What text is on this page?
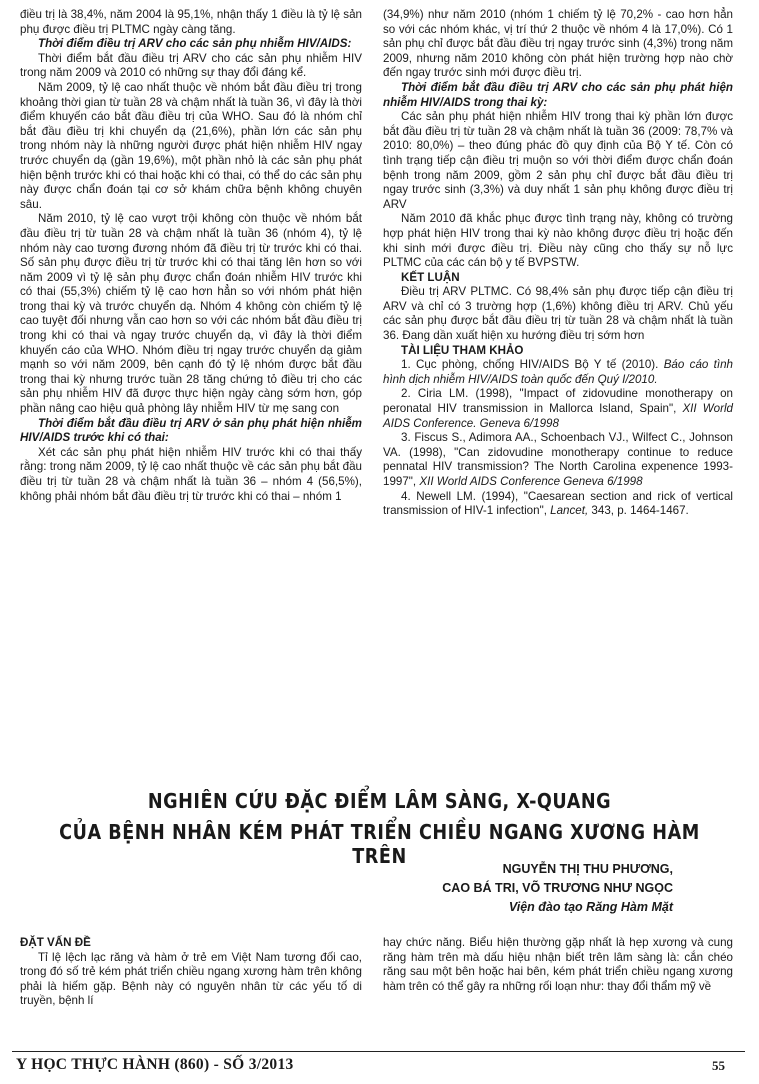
điều trị là 38,4%, năm 2004 là 95,1%, nhận thấy 1 điều là tỷ lệ sản phụ được điều trị PLTMC ngày càng tăng.

Thời điểm điều trị ARV cho các sản phụ nhiễm HIV/AIDS:

Thời điểm bắt đầu điều trị ARV cho các sản phụ nhiễm HIV trong năm 2009 và 2010 có những sự thay đổi đáng kể.

Năm 2009, tỷ lệ cao nhất thuộc về nhóm bắt đầu điều trị trong khoảng thời gian từ tuần 28 và chậm nhất là tuần 36, vì đây là thời điểm khuyến cáo bắt đầu điều trị của WHO. Sau đó là nhóm chỉ bắt đầu điều trị khi chuyển dạ (21,6%), phần lớn các sản phụ trong nhóm này là những người được phát hiện nhiễm HIV ngay trước chuyển dạ (gần 19,6%), một phần nhỏ là các sản phụ phát hiện bệnh trước khi có thai hoặc khi có thai, có thể do các sản phụ này được chẩn đoán tại cơ sở khám chữa bệnh không chuyên sâu.

Năm 2010, tỷ lệ cao vượt trội không còn thuộc về nhóm bắt đầu điều trị từ tuần 28 và chậm nhất là tuần 36 (nhóm 4), tỷ lệ nhóm này cao tương đương nhóm đã điều trị từ trước khi có thai. Số sản phụ được điều trị từ trước khi có thai tăng lên hơn so với năm 2009 vì tỷ lệ sản phụ được chẩn đoán nhiễm HIV trước khi có thai (55,3%) chiếm tỷ lệ cao hơn hẳn so với nhóm phát hiện trong thai kỳ và trước chuyển dạ. Nhóm 4 không còn chiếm tỷ lệ cao tuyệt đối nhưng vẫn cao hơn so với các nhóm bắt đầu điều trị trong khi có thai và ngay trước chuyển dạ, vì đây là thời điểm khuyến cáo của WHO. Nhóm điều trị ngay trước chuyển dạ giảm mạnh so với năm 2009, bên cạnh đó tỷ lệ nhóm được bắt đầu trong thai kỳ nhưng trước tuần 28 tăng chứng tỏ điều trị cho các sản phụ nhiễm HIV đã được thực hiện ngày càng sớm hơn, góp phần nâng cao hiệu quả phòng lây nhiễm HIV từ mẹ sang con

Thời điểm bắt đầu điều trị ARV ở sản phụ phát hiện nhiễm HIV/AIDS trước khi có thai:

Xét các sản phụ phát hiện nhiễm HIV trước khi có thai thấy rằng: trong năm 2009, tỷ lệ cao nhất thuộc về các sản phụ bắt đầu điều trị từ tuần 28 và chậm nhất là tuần 36 – nhóm 4 (56,5%), không phải nhóm bắt đầu điều trị từ trước khi có thai – nhóm 1

(34,9%) như năm 2010 (nhóm 1 chiếm tỷ lệ 70,2% - cao hơn hẳn so với các nhóm khác, vị trí thứ 2 thuộc về nhóm 4 là 17,0%). Có 1 sản phụ chỉ được bắt đầu điều trị ngay trước sinh (4,3%) trong năm 2009, nhưng năm 2010 không còn phát hiện trường hợp nào chờ đến ngay trước sinh mới được điều trị.

Thời điểm bắt đầu điều trị ARV cho các sản phụ phát hiện nhiễm HIV/AIDS trong thai kỳ:

Các sản phụ phát hiện nhiễm HIV trong thai kỳ phần lớn được bắt đầu điều trị từ tuần 28 và chậm nhất là tuần 36 (2009: 78,7% và 2010: 80,0%) – theo đúng phác đồ quy định của Bộ Y tế. Còn có tình trạng tiếp cận điều trị muộn so với thời điểm được chẩn đoán bệnh trong năm 2009, gồm 2 sản phụ chỉ được bắt đầu điều trị ngay trước sinh (3,3%) và duy nhất 1 sản phụ không được điều trị ARV

Năm 2010 đã khắc phục được tình trạng này, không có trường hợp phát hiện HIV trong thai kỳ nào không được điều trị hoặc đến khi sinh mới được điều trị. Điều này cũng cho thấy sự nỗ lực PLTMC của các cán bộ y tế BVPSTW.

KẾT LUẬN

Điều trị ARV PLTMC. Có 98,4% sản phụ được tiếp cận điều trị ARV và chỉ có 3 trường hợp (1,6%) không điều trị ARV. Chủ yếu các sản phụ được bắt đầu điều trị từ tuần 28 và chậm nhất là tuần 36. Đang dần xuất hiện xu hướng điều trị sớm hơn

TÀI LIỆU THAM KHẢO

1. Cục phòng, chống HIV/AIDS Bộ Y tế (2010). Báo cáo tình hình dịch nhiễm HIV/AIDS toàn quốc đến Quý I/2010.

2. Ciria LM. (1998), "Impact of zidovudine monotherapy on peronatal HIV transmission in Mallorca Island, Spain", XII World AIDS Conference. Geneva 6/1998

3. Fiscus S., Adimora AA., Schoenbach VJ., Wilfect C., Johnson VA. (1998), "Can zidovudine monotherapy continue to reduce pennatal HIV transmission? The North Carolina expenence 1993-1997", XII World AIDS Conference Geneva 6/1998

4. Newell LM. (1994), "Caesarean section and rick of vertical transmission of HIV-1 infeсtion", Lancet, 343, p. 1464-1467.

NGHIÊN CỨU ĐẶC ĐIỂM LÂM SÀNG, X-QUANG
CỦA BỆNH NHÂN KÉM PHÁT TRIỂN CHIỀU NGANG XƯƠNG HÀM TRÊN
NGUYỄN THỊ THU PHƯƠNG,
CAO BÁ TRI, VÕ TRƯƠNG NHƯ NGỌC
Viện đào tạo Răng Hàm Mặt

ĐẶT VẤN ĐỀ

Tỉ lệ lệch lạc răng và hàm ở trẻ em Việt Nam tương đối cao, trong đó số trẻ kém phát triển chiều ngang xương hàm trên không phải là hiếm gặp. Bệnh này có nguyên nhân từ các yếu tố di truyền, bệnh lí

hay chức năng. Biểu hiện thường gặp nhất là hẹp xương và cung răng hàm trên mà dấu hiệu nhận biết trên lâm sàng là: cắn chéo răng sau một bên hoặc hai bên, kém phát triển chiều ngang xương hàm trên có thể gây ra những rối loạn như: thay đổi thẩm mỹ về

Y HỌC THỰC HÀNH (860) - SỐ 3/2013	55
